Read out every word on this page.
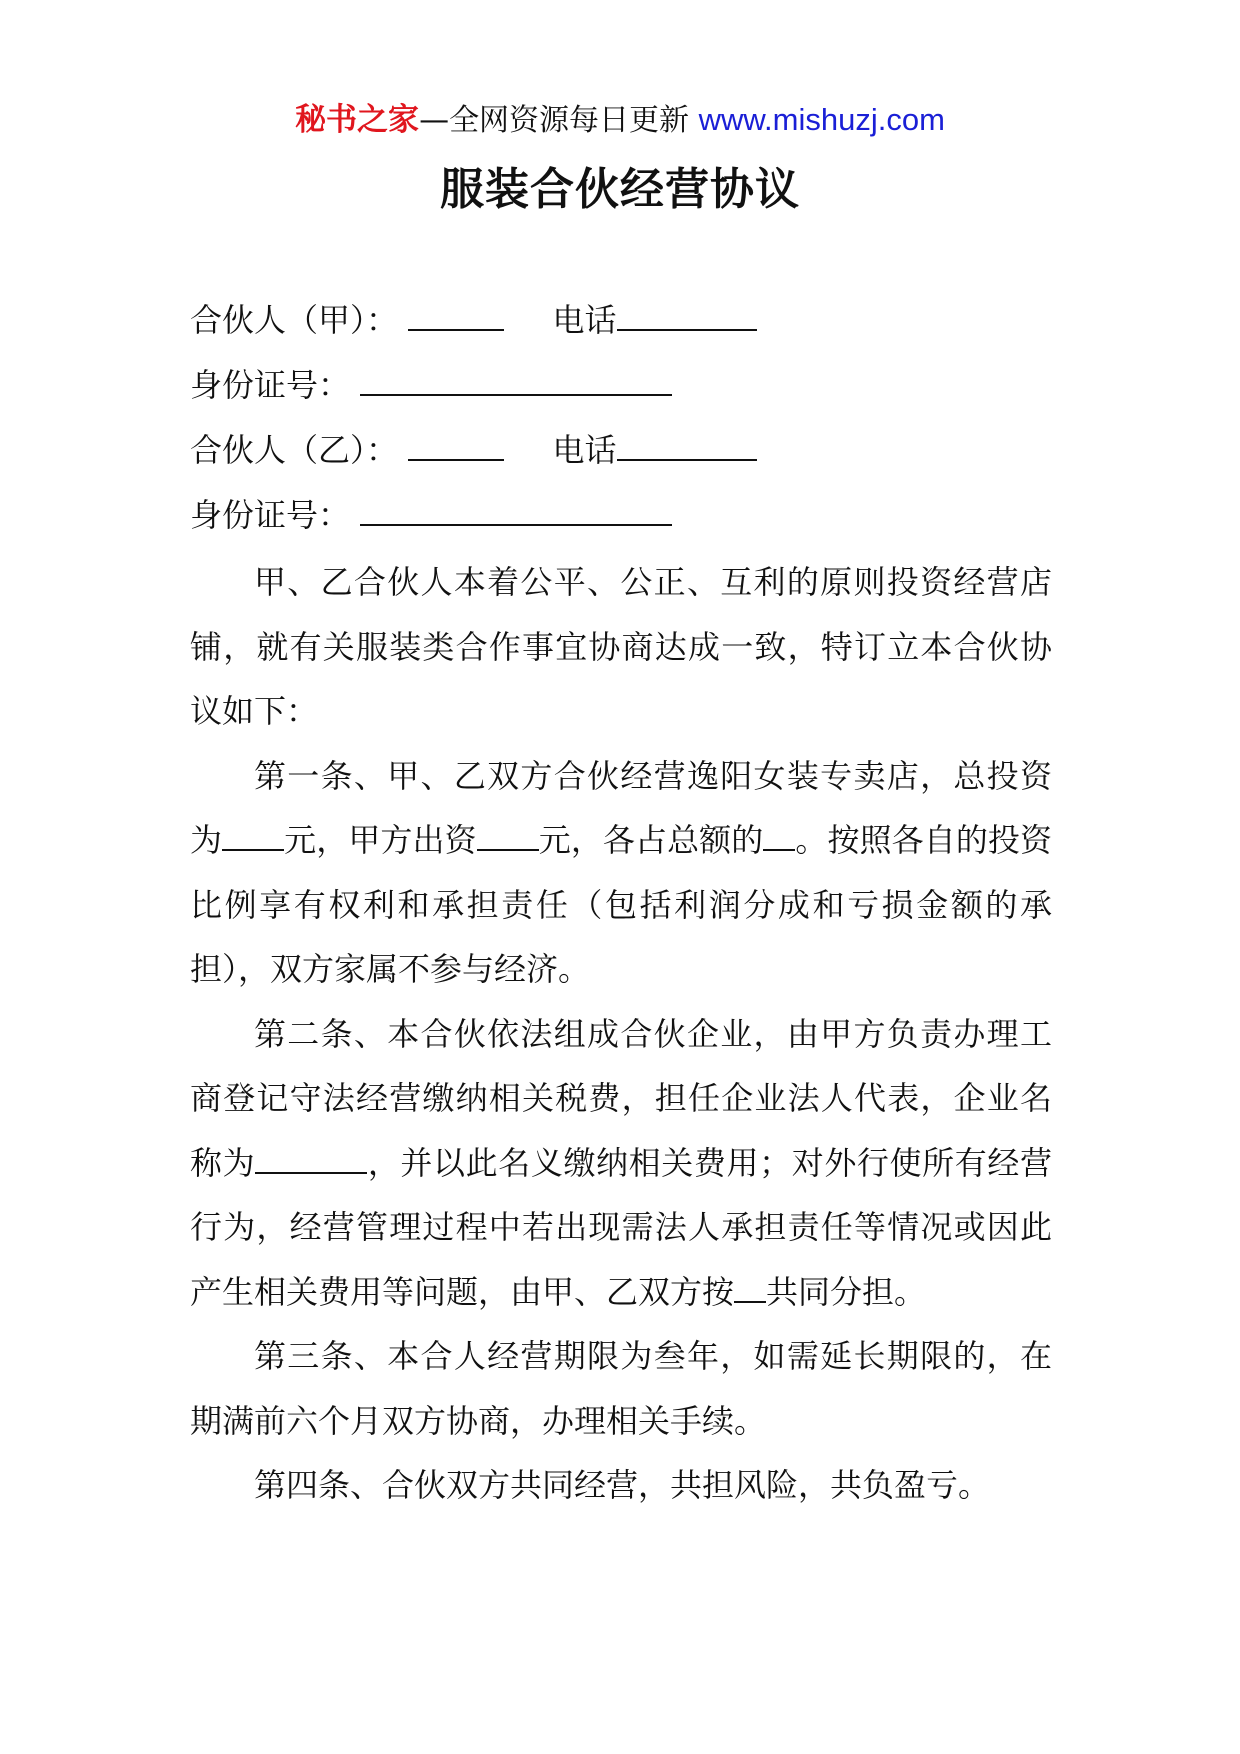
秘书之家—全网资源每日更新 www.mishuzj.com
服装合伙经营协议
合伙人（甲）：	电话
身份证号：
合伙人（乙）：	电话
身份证号：

甲、乙合伙人本着公平、公正、互利的原则投资经营店铺，就有关服装类合作事宜协商达成一致，特订立本合伙协议如下：

第一条、甲、乙双方合伙经营逸阳女装专卖店，总投资为 元，甲方出资 元，各占总额的 。按照各自的投资比例享有权利和承担责任（包括利润分成和亏损金额的承担），双方家属不参与经济。

第二条、本合伙依法组成合伙企业，由甲方负责办理工商登记守法经营缴纳相关税费，担任企业法人代表，企业名称为	，并以此名义缴纳相关费用；对外行使所有经营行为，经营管理过程中若出现需法人承担责任等情况或因此产生相关费用等问题，由甲、乙双方按 共同分担。

第三条、本合人经营期限为叁年，如需延长期限的，在期满前六个月双方协商，办理相关手续。

第四条、合伙双方共同经营，共担风险，共负盈亏。
